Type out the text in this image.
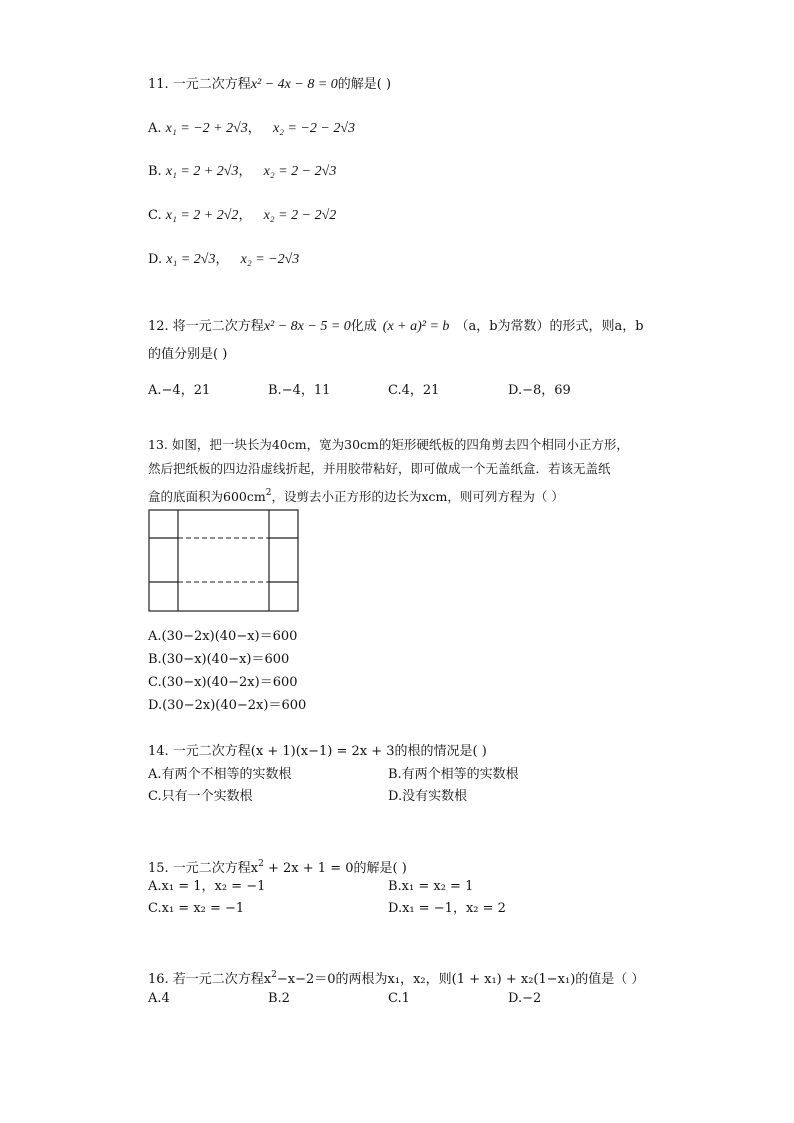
11. 一元二次方程x² − 4x − 8 = 0的解是( )
A. x₁ = −2 + 2√3， x₂ = −2 − 2√3
B. x₁ = 2 + 2√3， x₂ = 2 − 2√3
C. x₁ = 2 + 2√2， x₂ = 2 − 2√2
D. x₁ = 2√3， x₂ = −2√3
12. 将一元二次方程x² − 8x − 5 = 0化成 (x + a)² = b （a，b为常数）的形式，则a，b
的值分别是( )
A.−4，21	B.−4，11	C.4，21	D.−8，69
13. 如图，把一块长为40cm，宽为30cm的矩形硬纸板的四角剪去四个相同小正方形，
然后把纸板的四边沿虚线折起，并用胶带粘好，即可做成一个无盖纸盒．若该无盖纸
盒的底面积为$600cm^2$，设剪去小正方形的边长为xcm，则可列方程为（ ）
A.(30−2x)(40−x)＝600
B.(30−x)(40−x)＝600
C.(30−x)(40−2x)＝600
D.(30−2x)(40−2x)＝600
14. 一元二次方程(x + 1)(x−1) = 2x + 3的根的情况是( )
A.有两个不相等的实数根	B.有两个相等的实数根
C.只有一个实数根	D.没有实数根
15. 一元二次方程$x^2 + 2x + 1 = 0$的解是( )
A.x₁ = 1，x₂ = −1	B.x₁ = x₂ = 1
C.x₁ = x₂ = −1	D.x₁ = −1，x₂ = 2
16. 若一元二次方程$x^2-x-2=0$的两根为x₁，x₂，则(1 + x₁) + x₂(1−x₁)的值是（ ）
A.4	B.2	C.1	D.−2
